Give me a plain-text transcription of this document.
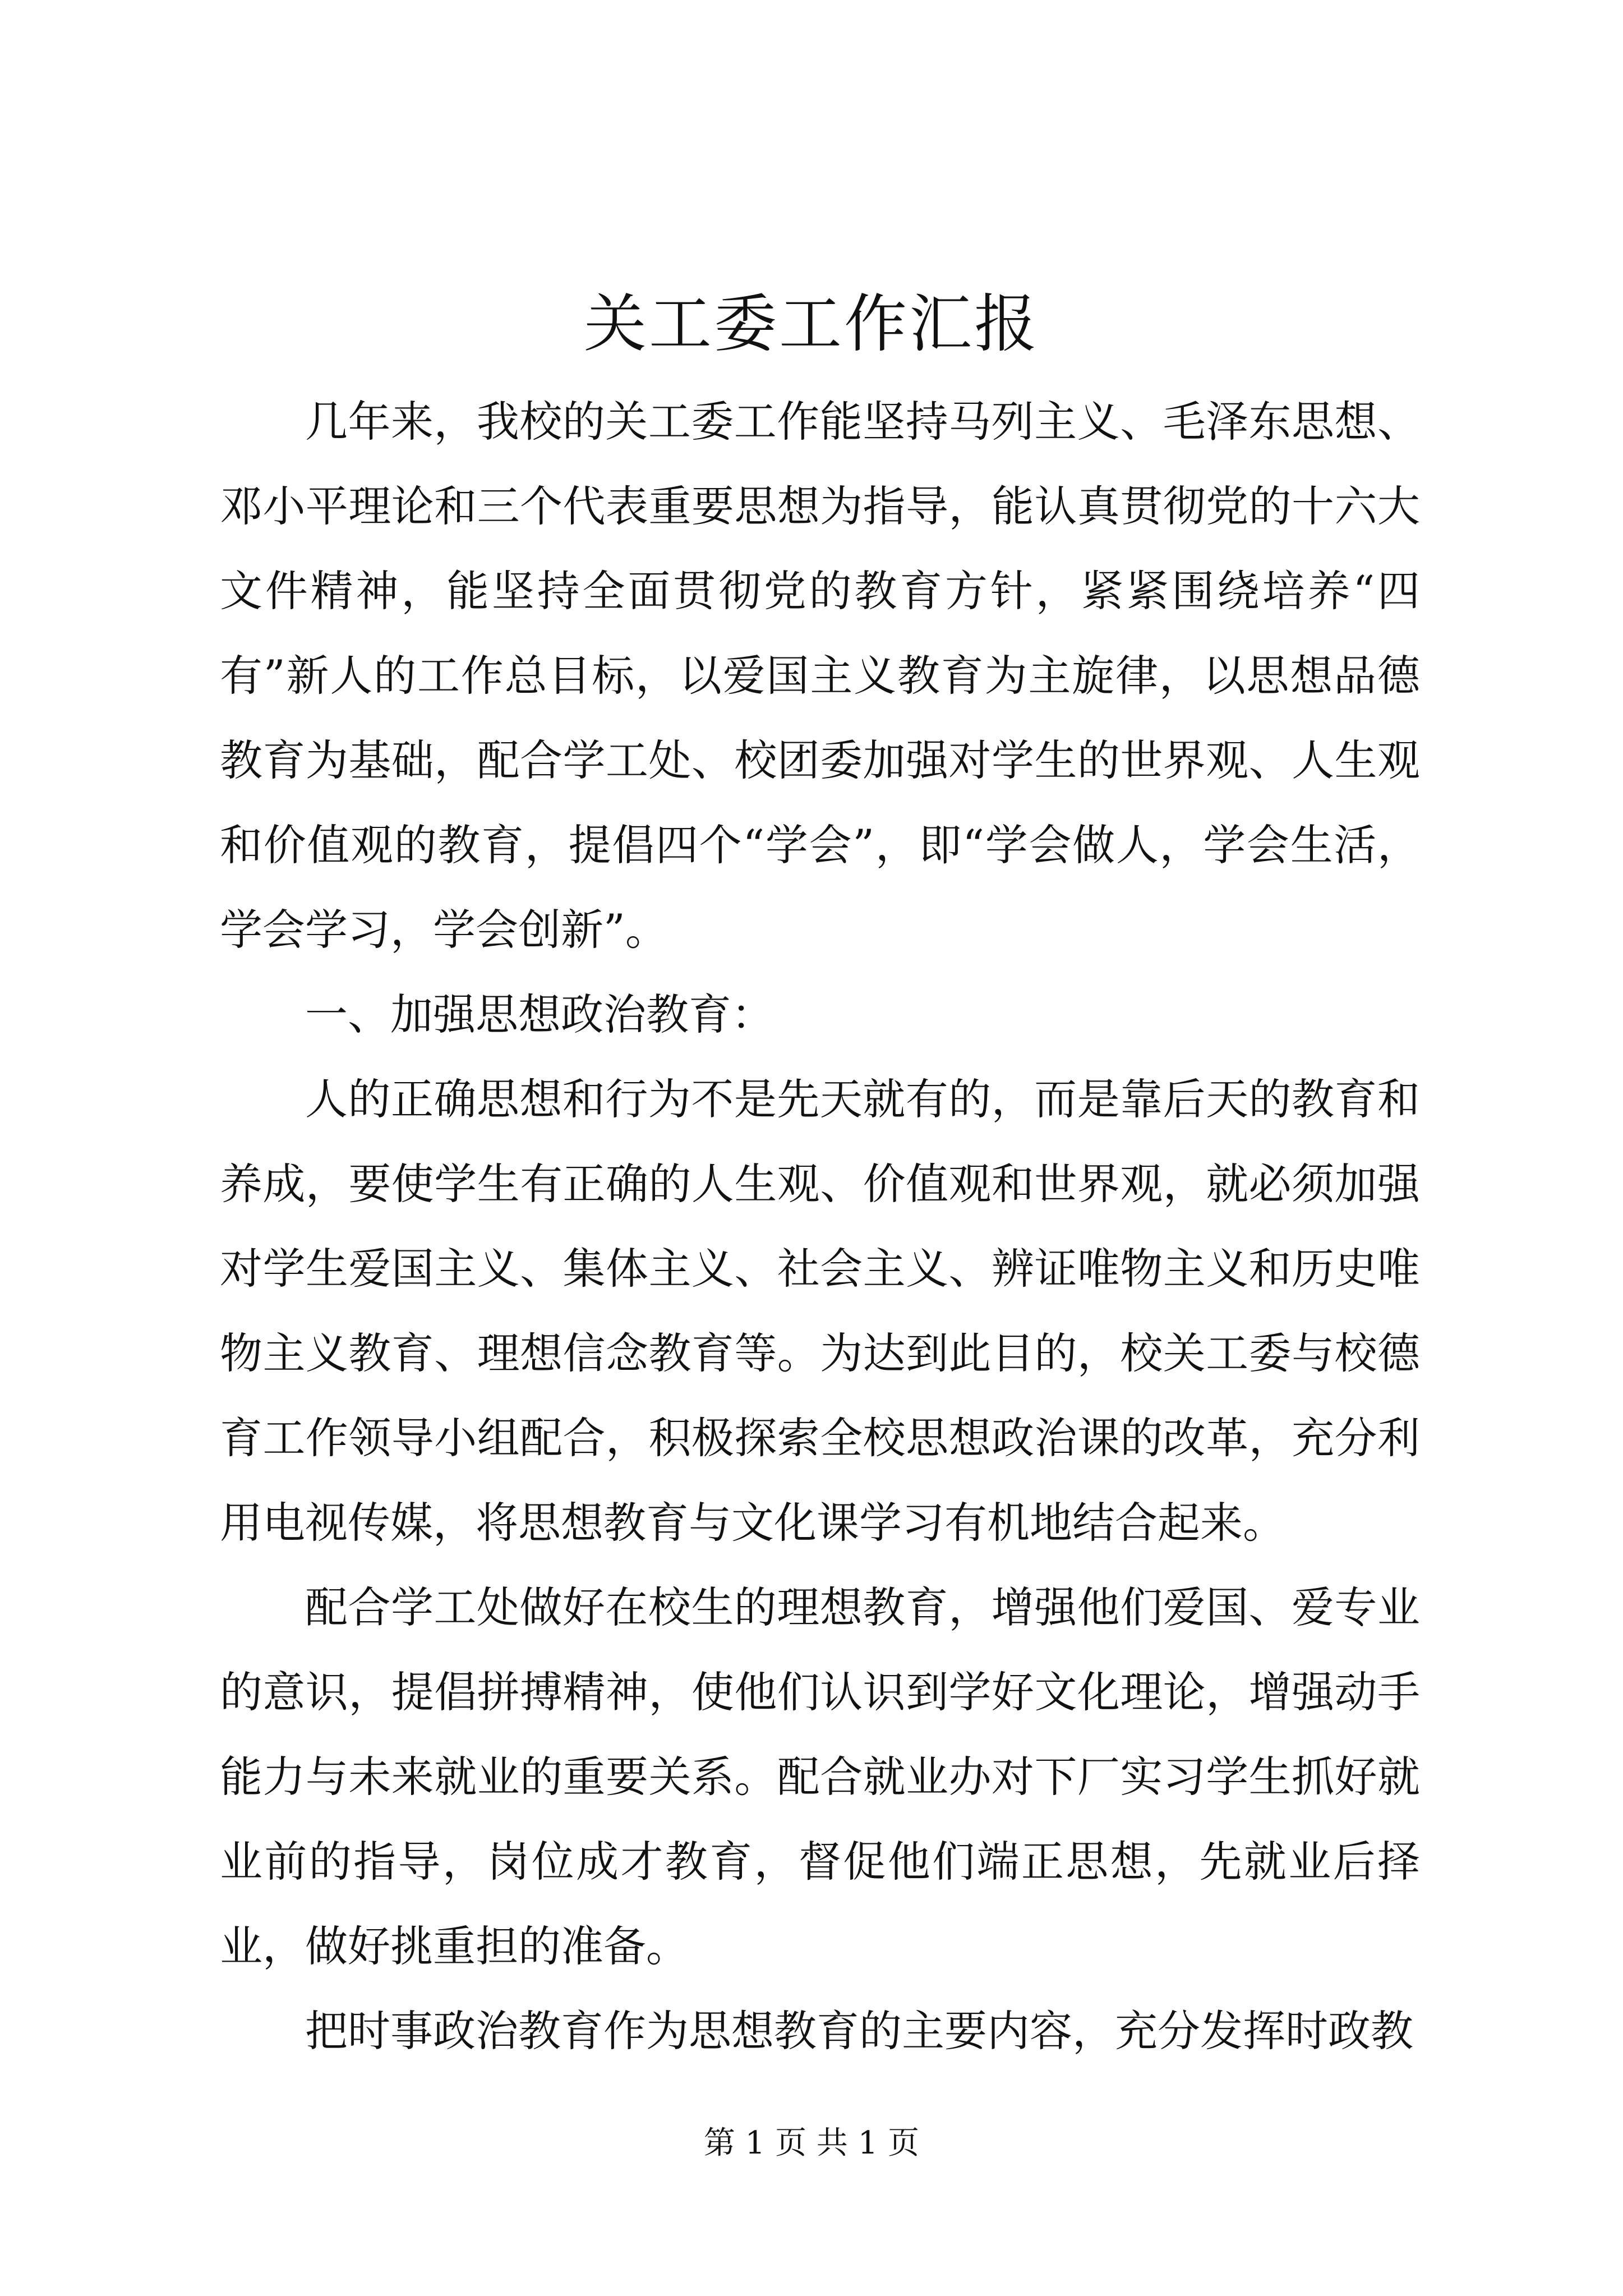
关工委工作汇报

几年来，我校的关工委工作能坚持马列主义、毛泽东思想、邓小平理论和三个代表重要思想为指导，能认真贯彻党的十六大文件精神，能坚持全面贯彻党的教育方针，紧紧围绕培养“四有”新人的工作总目标，以爱国主义教育为主旋律，以思想品德教育为基础，配合学工处、校团委加强对学生的世界观、人生观和价值观的教育，提倡四个“学会”，即“学会做人，学会生活，学会学习，学会创新”。

一、加强思想政治教育：

人的正确思想和行为不是先天就有的，而是靠后天的教育和养成，要使学生有正确的人生观、价值观和世界观，就必须加强对学生爱国主义、集体主义、社会主义、辨证唯物主义和历史唯物主义教育、理想信念教育等。为达到此目的，校关工委与校德育工作领导小组配合，积极探索全校思想政治课的改革，充分利用电视传媒，将思想教育与文化课学习有机地结合起来。

配合学工处做好在校生的理想教育，增强他们爱国、爱专业的意识，提倡拼搏精神，使他们认识到学好文化理论，增强动手能力与未来就业的重要关系。配合就业办对下厂实习学生抓好就业前的指导，岗位成才教育，督促他们端正思想，先就业后择业，做好挑重担的准备。

把时事政治教育作为思想教育的主要内容，充分发挥时政教

第 1 页 共 1 页
